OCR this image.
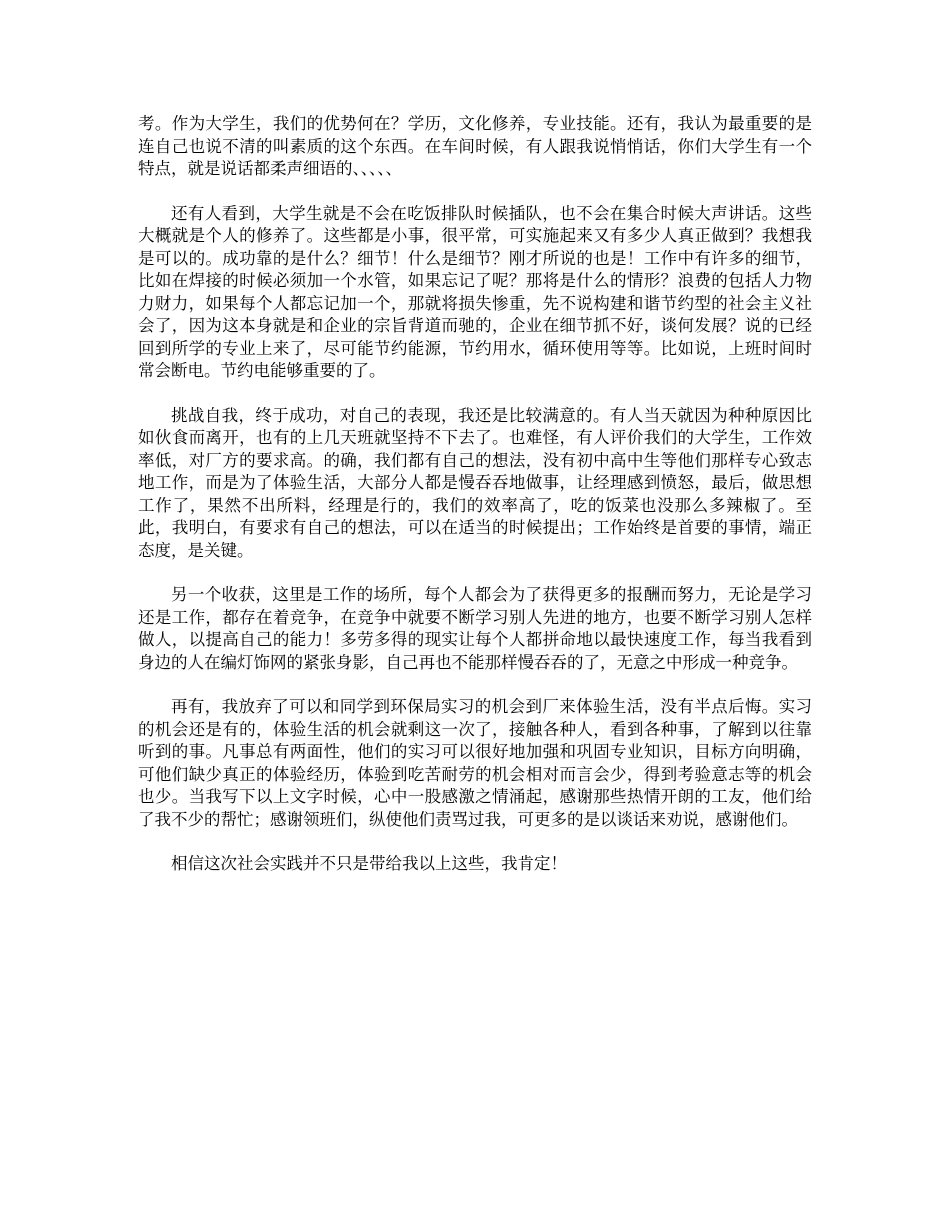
考。作为大学生，我们的优势何在？学历，文化修养，专业技能。还有，我认为最重要的是连自己也说不清的叫素质的这个东西。在车间时候，有人跟我说悄悄话，你们大学生有一个特点，就是说话都柔声细语的、、、、、

还有人看到，大学生就是不会在吃饭排队时候插队，也不会在集合时候大声讲话。这些大概就是个人的修养了。这些都是小事，很平常，可实施起来又有多少人真正做到？我想我是可以的。成功靠的是什么？细节！什么是细节？刚才所说的也是！工作中有许多的细节，比如在焊接的时候必须加一个水管，如果忘记了呢？那将是什么的情形？浪费的包括人力物力财力，如果每个人都忘记加一个，那就将损失惨重，先不说构建和谐节约型的社会主义社会了，因为这本身就是和企业的宗旨背道而驰的，企业在细节抓不好，谈何发展？说的已经回到所学的专业上来了，尽可能节约能源，节约用水，循环使用等等。比如说，上班时间时常会断电。节约电能够重要的了。

挑战自我，终于成功，对自己的表现，我还是比较满意的。有人当天就因为种种原因比如伙食而离开，也有的上几天班就坚持不下去了。也难怪，有人评价我们的大学生，工作效率低，对厂方的要求高。的确，我们都有自己的想法，没有初中高中生等他们那样专心致志地工作，而是为了体验生活，大部分人都是慢吞吞地做事，让经理感到愤怒，最后，做思想工作了，果然不出所料，经理是行的，我们的效率高了，吃的饭菜也没那么多辣椒了。至此，我明白，有要求有自己的想法，可以在适当的时候提出；工作始终是首要的事情，端正态度，是关键。

另一个收获，这里是工作的场所，每个人都会为了获得更多的报酬而努力，无论是学习还是工作，都存在着竞争，在竞争中就要不断学习别人先进的地方，也要不断学习别人怎样做人，以提高自己的能力！多劳多得的现实让每个人都拼命地以最快速度工作，每当我看到身边的人在编灯饰网的紧张身影，自己再也不能那样慢吞吞的了，无意之中形成一种竞争。

再有，我放弃了可以和同学到环保局实习的机会到厂来体验生活，没有半点后悔。实习的机会还是有的，体验生活的机会就剩这一次了，接触各种人，看到各种事，了解到以往靠听到的事。凡事总有两面性，他们的实习可以很好地加强和巩固专业知识，目标方向明确，可他们缺少真正的体验经历，体验到吃苦耐劳的机会相对而言会少，得到考验意志等的机会也少。当我写下以上文字时候，心中一股感激之情涌起，感谢那些热情开朗的工友，他们给了我不少的帮忙；感谢领班们，纵使他们责骂过我，可更多的是以谈话来劝说，感谢他们。

相信这次社会实践并不只是带给我以上这些，我肯定！
